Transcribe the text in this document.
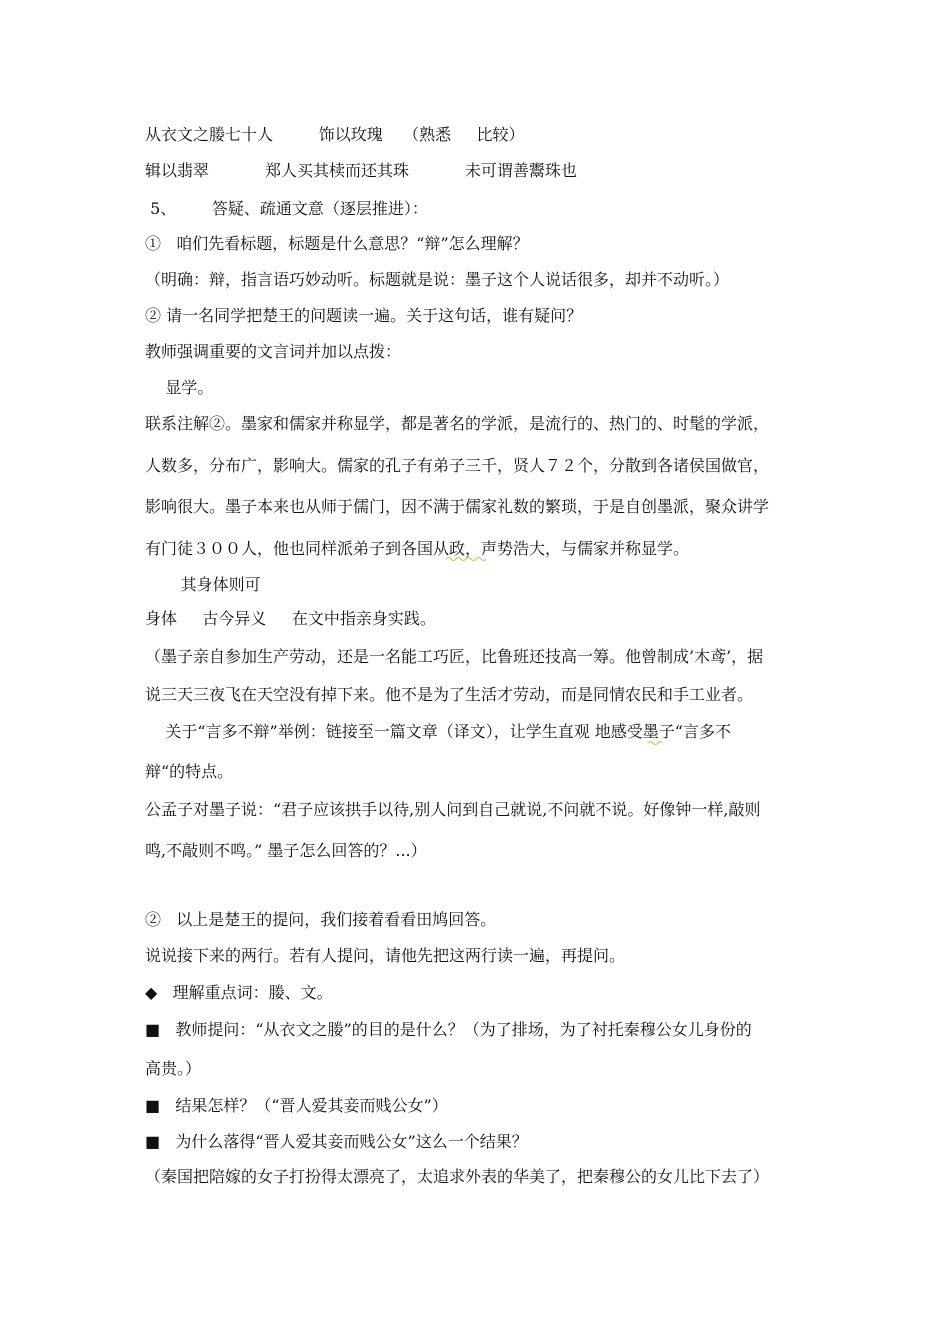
从衣文之媵七十人         饰以玫瑰    （熟悉     比较）
辑以翡翠           郑人买其椟而还其珠           未可谓善鬻珠也
5、       答疑、疏通文意（逐层推进）：
①   咱们先看标题，标题是什么意思？“辩”怎么理解？
（明确：辩，指言语巧妙动听。标题就是说：墨子这个人说话很多，却并不动听。）
② 请一名同学把楚王的问题读一遍。关于这句话，谁有疑问？
教师强调重要的文言词并加以点拨：
显学。
联系注解②。墨家和儒家并称显学，都是著名的学派，是流行的、热门的、时髦的学派，
人数多，分布广，影响大。儒家的孔子有弟子三千，贤人７２个，分散到各诸侯国做官，
影响很大。墨子本来也从师于儒门，因不满于儒家礼数的繁琐，于是自创墨派，聚众讲学
有门徒３００人，他也同样派弟子到各国从政，声势浩大，与儒家并称显学。
其身体则可
身体     古今异义     在文中指亲身实践。
（墨子亲自参加生产劳动，还是一名能工巧匠，比鲁班还技高一筹。他曾制成’木鸢’，据
说三天三夜飞在天空没有掉下来。他不是为了生活才劳动，而是同情农民和手工业者。
关于“言多不辩”举例：链接至一篇文章（译文），让学生直观 地感受墨子“言多不
辩“的特点。
公孟子对墨子说：“君子应该拱手以待,别人问到自己就说,不问就不说。好像钟一样,敲则
鸣,不敲则不鸣。” 墨子怎么回答的？...）
②   以上是楚王的提问，我们接着看看田鸠回答。
说说接下来的两行。若有人提问，请他先把这两行读一遍，再提问。
◆   理解重点词：媵、文。
■   教师提问：“从衣文之媵”的目的是什么？（为了排场，为了衬托秦穆公女儿身份的
高贵。）
■   结果怎样？（“晋人爱其妾而贱公女”）
■   为什么落得“晋人爱其妾而贱公女”这么一个结果？
（秦国把陪嫁的女子打扮得太漂亮了，太追求外表的华美了，把秦穆公的女儿比下去了）
